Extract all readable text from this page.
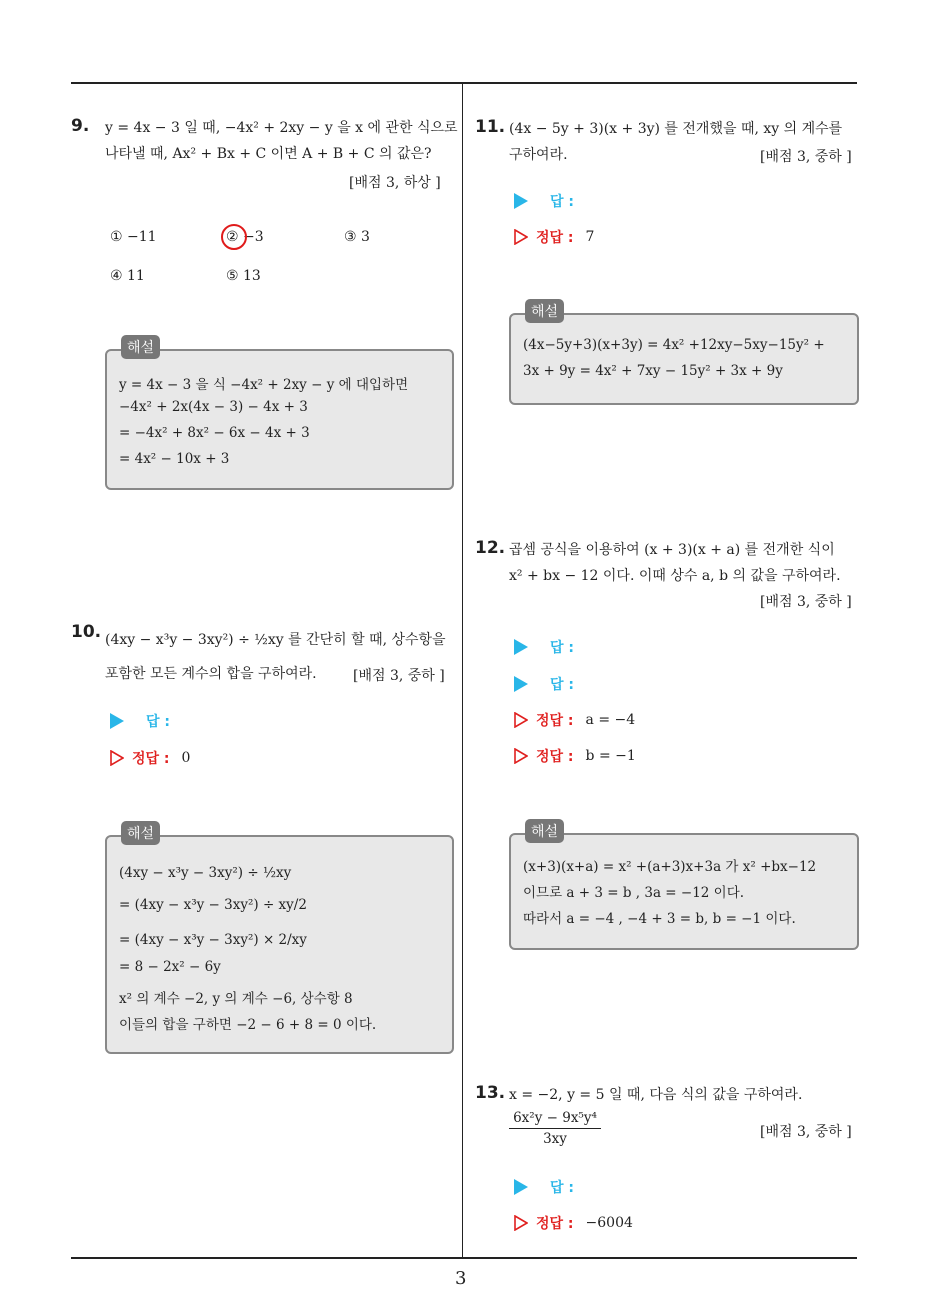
9. y = 4x − 3 일 때, −4x² + 2xy − y 을 x 에 관한 식으로
나타낼 때, Ax² + Bx + C 이면 A + B + C 의 값은?
[배점 3, 하상 ]
① −11	② −3	③ 3
④ 11	⑤ 13
해설
y = 4x − 3 을 식 −4x² + 2xy − y 에 대입하면
−4x² + 2x(4x − 3) − 4x + 3
= −4x² + 8x² − 6x − 4x + 3
= 4x² − 10x + 3
10. (4xy − x³y − 3xy²) ÷ ½xy 를 간단히 할 때, 상수항을
포함한 모든 계수의 합을 구하여라.	[배점 3, 중하 ]
답 :
정답 : 0
해설
(4xy − x³y − 3xy²) ÷ ½xy
= (4xy − x³y − 3xy²) ÷ xy/2
= (4xy − x³y − 3xy²) × 2/xy
= 8 − 2x² − 6y
x² 의 계수 −2, y 의 계수 −6, 상수항 8
이들의 합을 구하면 −2 − 6 + 8 = 0 이다.
11. (4x − 5y + 3)(x + 3y) 를 전개했을 때, xy 의 계수를
구하여라.	[배점 3, 중하 ]
답 :
정답 : 7
해설
(4x−5y+3)(x+3y) = 4x² +12xy−5xy−15y² +
3x + 9y = 4x² + 7xy − 15y² + 3x + 9y
12. 곱셈 공식을 이용하여 (x + 3)(x + a) 를 전개한 식이
x² + bx − 12 이다. 이때 상수 a, b 의 값을 구하여라.
[배점 3, 중하 ]
답 :
답 :
정답 : a = −4
정답 : b = −1
해설
(x+3)(x+a) = x² +(a+3)x+3a 가 x² +bx−12
이므로 a + 3 = b , 3a = −12 이다.
따라서 a = −4 , −4 + 3 = b, b = −1 이다.
13. x = −2, y = 5 일 때, 다음 식의 값을 구하여라.
$\frac{\text{6x²y − 9x⁵y⁴}}{3xy}$	[배점 3, 중하 ]
답 :
정답 : −6004
3
